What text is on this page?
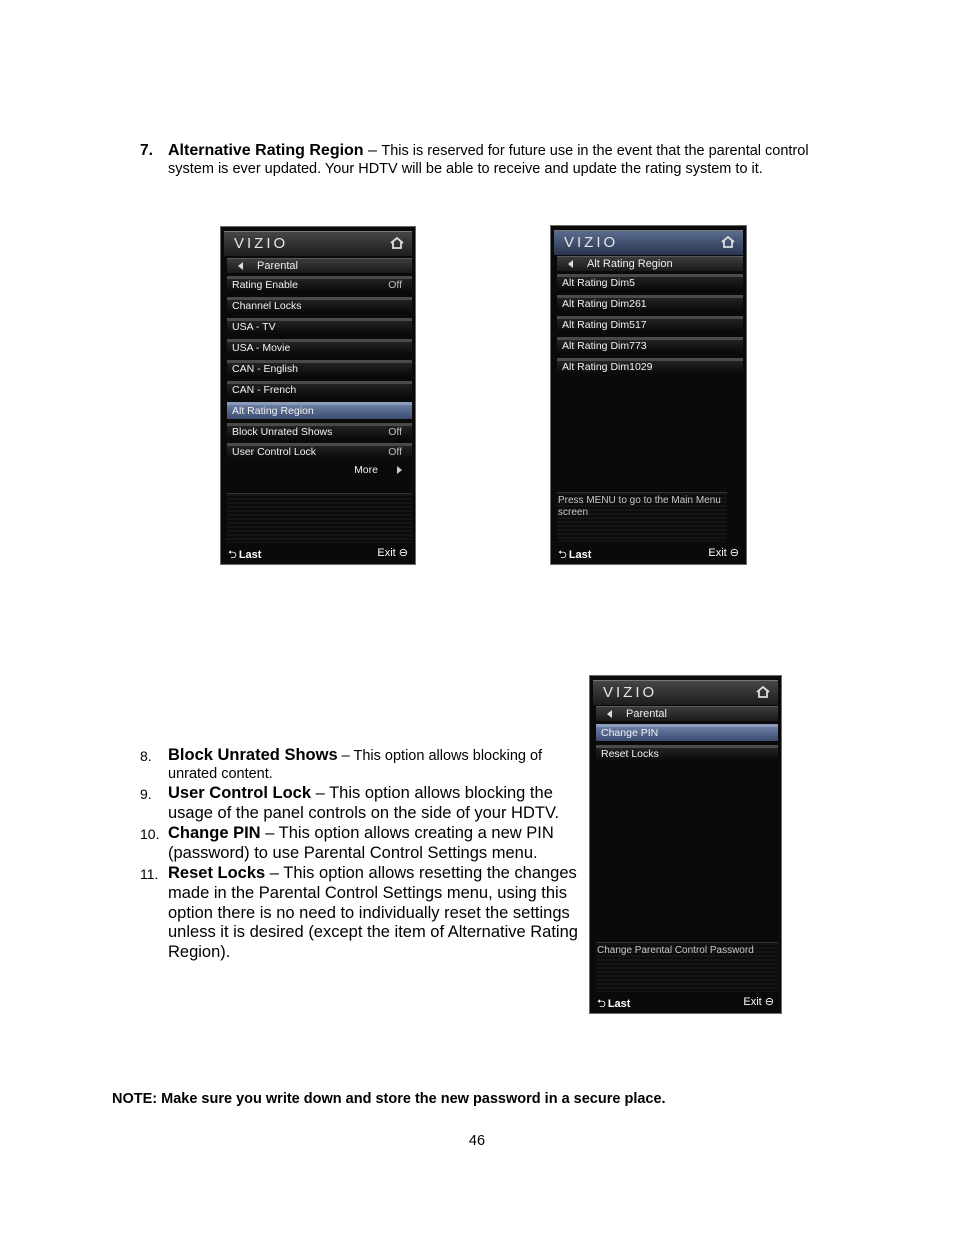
7. Alternative Rating Region – This is reserved for future use in the event that the parental control system is ever updated. Your HDTV will be able to receive and update the rating system to it.
VIZIO
Parental
Rating Enable	Off
Channel Locks
USA - TV
USA - Movie
CAN - English
CAN - French
Alt Rating Region
Block Unrated Shows	Off
User Control Lock	Off
More
⮌ Last	Exit ⊖
VIZIO
Alt Rating Region
Alt Rating Dim5
Alt Rating Dim261
Alt Rating Dim517
Alt Rating Dim773
Alt Rating Dim1029
Press MENU to go to the Main Menu screen
⮌ Last	Exit ⊖
8. Block Unrated Shows – This option allows blocking of unrated content.
9. User Control Lock – This option allows blocking the usage of the panel controls on the side of your HDTV.
10. Change PIN – This option allows creating a new PIN (password) to use Parental Control Settings menu.
11. Reset Locks – This option allows resetting the changes made in the Parental Control Settings menu, using this option there is no need to individually reset the settings unless it is desired (except the item of Alternative Rating Region).
VIZIO
Parental
Change PIN
Reset Locks
Change Parental Control Password
⮌ Last	Exit ⊖
NOTE: Make sure you write down and store the new password in a secure place.
46
